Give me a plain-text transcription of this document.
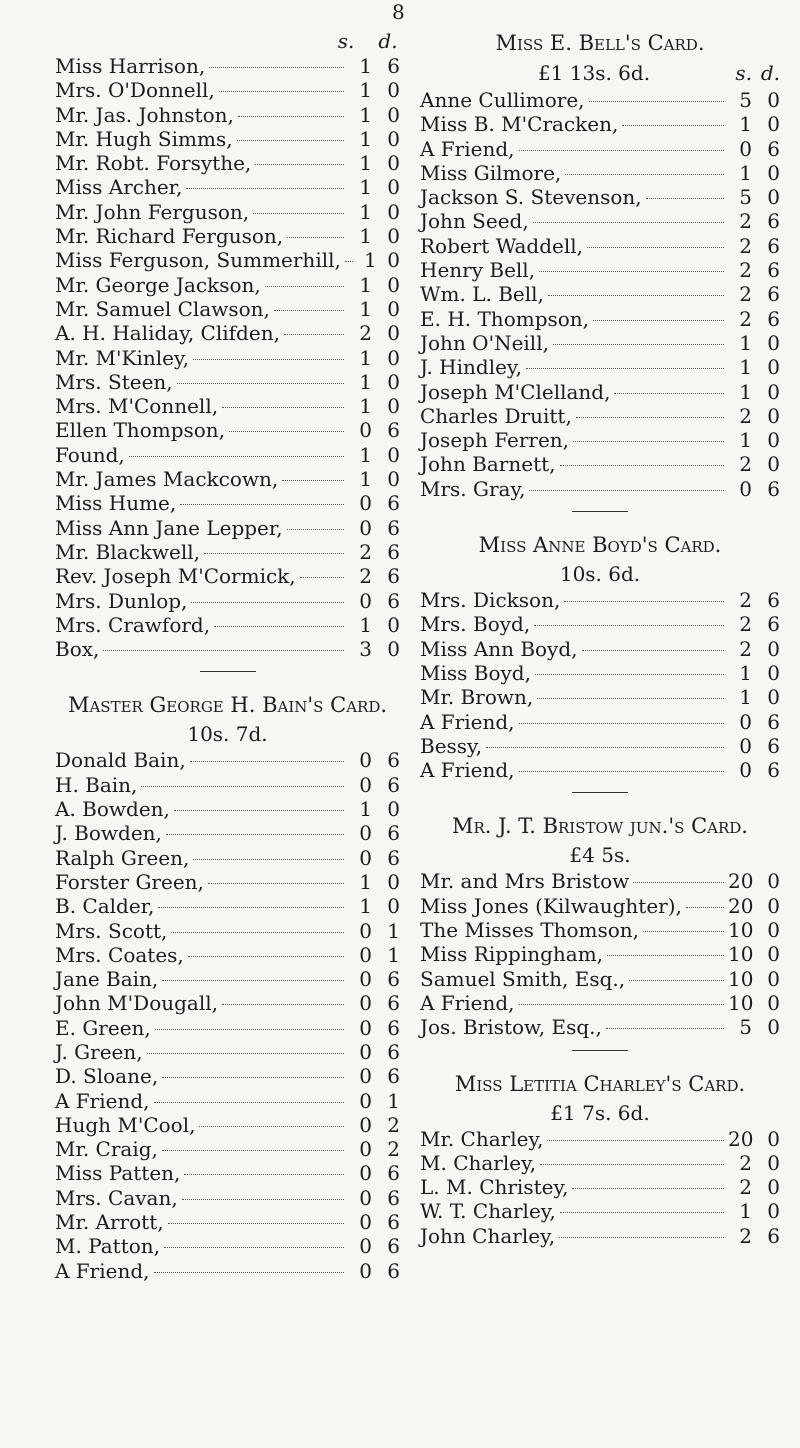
8
s. d.
Miss Harrison,	1 6
Mrs. O'Donnell,	1 0
Mr. Jas. Johnston,	1 0
Mr. Hugh Simms,	1 0
Mr. Robt. Forsythe,	1 0
Miss Archer,	1 0
Mr. John Ferguson,	1 0
Mr. Richard Ferguson,	1 0
Miss Ferguson, Summerhill,	1 0
Mr. George Jackson,	1 0
Mr. Samuel Clawson,	1 0
A. H. Haliday, Clifden,	2 0
Mr. M'Kinley,	1 0
Mrs. Steen,	1 0
Mrs. M'Connell,	1 0
Ellen Thompson,	0 6
Found,	1 0
Mr. James Mackcown,	1 0
Miss Hume,	0 6
Miss Ann Jane Lepper,	0 6
Mr. Blackwell,	2 6
Rev. Joseph M'Cormick,	2 6
Mrs. Dunlop,	0 6
Mrs. Crawford,	1 0
Box,	3 0
Master George H. Bain's Card.
10s. 7d.
Donald Bain,	0 6
H. Bain,	0 6
A. Bowden,	1 0
J. Bowden,	0 6
Ralph Green,	0 6
Forster Green,	1 0
B. Calder,	1 0
Mrs. Scott,	0 1
Mrs. Coates,	0 1
Jane Bain,	0 6
John M'Dougall,	0 6
E. Green,	0 6
J. Green,	0 6
D. Sloane,	0 6
A Friend,	0 1
Hugh M'Cool,	0 2
Mr. Craig,	0 2
Miss Patten,	0 6
Mrs. Cavan,	0 6
Mr. Arrott,	0 6
M. Patton,	0 6
A Friend,	0 6
Miss E. Bell's Card.
£1 13s. 6d.	s. d.
Anne Cullimore,	5 0
Miss B. M'Cracken,	1 0
A Friend,	0 6
Miss Gilmore,	1 0
Jackson S. Stevenson,	5 0
John Seed,	2 6
Robert Waddell,	2 6
Henry Bell,	2 6
Wm. L. Bell,	2 6
E. H. Thompson,	2 6
John O'Neill,	1 0
J. Hindley,	1 0
Joseph M'Clelland,	1 0
Charles Druitt,	2 0
Joseph Ferren,	1 0
John Barnett,	2 0
Mrs. Gray,	0 6
Miss Anne Boyd's Card.
10s. 6d.
Mrs. Dickson,	2 6
Mrs. Boyd,	2 6
Miss Ann Boyd,	2 0
Miss Boyd,	1 0
Mr. Brown,	1 0
A Friend,	0 6
Bessy,	0 6
A Friend,	0 6
Mr. J. T. Bristow jun.'s Card.
£4 5s.
Mr. and Mrs Bristow	20 0
Miss Jones (Kilwaughter), 20 0
The Misses Thomson,	10 0
Miss Rippingham,	10 0
Samuel Smith, Esq.,	10 0
A Friend,	10 0
Jos. Bristow, Esq.,	5 0
Miss Letitia Charley's Card.
£1 7s. 6d.
Mr. Charley,	20 0
M. Charley,	2 0
L. M. Christey,	2 0
W. T. Charley,	1 0
John Charley,	2 6
